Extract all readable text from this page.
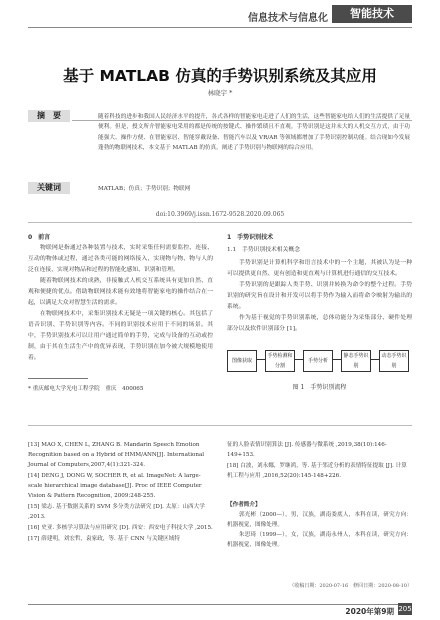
信息技术与信息化	智能技术
基于 MATLAB 仿真的手势识别系统及其应用
林晓宇 *
摘　要	随着科技的进步和我国人民经济水平的提升，各式各样的智能家电走进了人们的生活，这些智能家电给人们的生活提供了足量便利。但是，授文所介智能家电采用的都是传统的按键式、操作繁琐且不直观。手势识别是这并未大的人机交互方式，由于功能强大、操作方便、在智能家居、智能穿戴设备、智能汽车以及 VR/AR 等领域都增加了手势识别控制功能。结合现如今发展蓬勃的物联网技术，本文基于 MATLAB 的仿真，阐述了手势识别与物联网的综合应用。
关键词	MATLAB；仿真；手势识别；物联网
doi:10.3969/j.issn.1672-9528.2020.09.065
0　前言

物联网是指通过各种装置与技术，实时采集任何需要监控、连接、互动的物体或过程，通过各类可能的网络接入，实现物与物、物与人的泛在连接，实现对物品和过程的智能化感知、识别和管理。

随着物联网技术的成熟，非接触式人机交互系统具有更加自然、直观和便捷的优点。借助物联网技术能有效地将智能家电的操作结合在一起，以满足大众对智慧生活的需求。

在物联网技术中，采集识别技术无疑是一项关键的核心。其包括了语音识别、手势识别等内容。不同的识别技术应用于不同的场景。其中，手势识别技术可以让用户通过简单的手势，完成与设备的互动或控制，由于其在生活生产中的优异表现，手势识别在加今被大规模地使用着。

* 重庆邮电大学光电工程学院　重庆　400065
1　手势识别技术
1.1　手势识别技术相关概念

手势识别是计算机科学和语言技术中的一个主题，其被认为是一种可以提供更自然、更有创造和更直观与计算机进行通信的交互技术。

手势识别的是跟踪人类手势、识别并转换为命令的整个过程。手势识别的研究旨在设计和开发可以将手势作为输入而将命令映射为输出的系统。

作为基于视觉的手势识别系统，总体功能分为采集部分、硬件处理部分以及软件识别部分 [1]。

图像获取
手势检测和分割
手势分析
静态手势识别
动态手势识别
图 1　手势识别流程
[13] MAO X, CHEN L, ZHANG B. Mandarin Speech Emotion Recognition based on a Hybrid of HMM/ANN[J]. International Journal of Computers,2007,4(1):321-324.
[14] DENG J, DONG W, SOCHER R, et al. ImageNet: A large-scale hierarchical image database[J]. Proc of IEEE Computer Vision & Pattern Recognition, 2009:248-255.
[15] 梁志. 基于数据关系的 SVM 多分类方法研究 [D]. 太原：山西大学 ,2013.
[16] 史亚. 多核学习算法与应用研究 [D]. 西安：西安电子科技大学 ,2015.
[17] 薛建明，刘宏哲，袁家政，等. 基于 CNN 与关键区域特
征的人脸表情识别算法 [J]. 传感器与微系统 ,2019,38(10):146-149+153.
[18] 白波，刘永娜，罗继鸿，等. 基于邻近分析的表情特征提取 [J]. 计算机工程与应用 ,2016,52(20):145-148+226.
【作者简介】

郭光彬（2000—），男，汉族，湖南娄底人，本科在读，研究方向：机器视觉，图像处理。

朱思琦（1999—），女，汉族，湖南永州人，本科在读，研究方向：机器视觉，图像处理。

（收稿日期：2020-07-16　修回日期：2020-08-10）
2020年第9期 205
